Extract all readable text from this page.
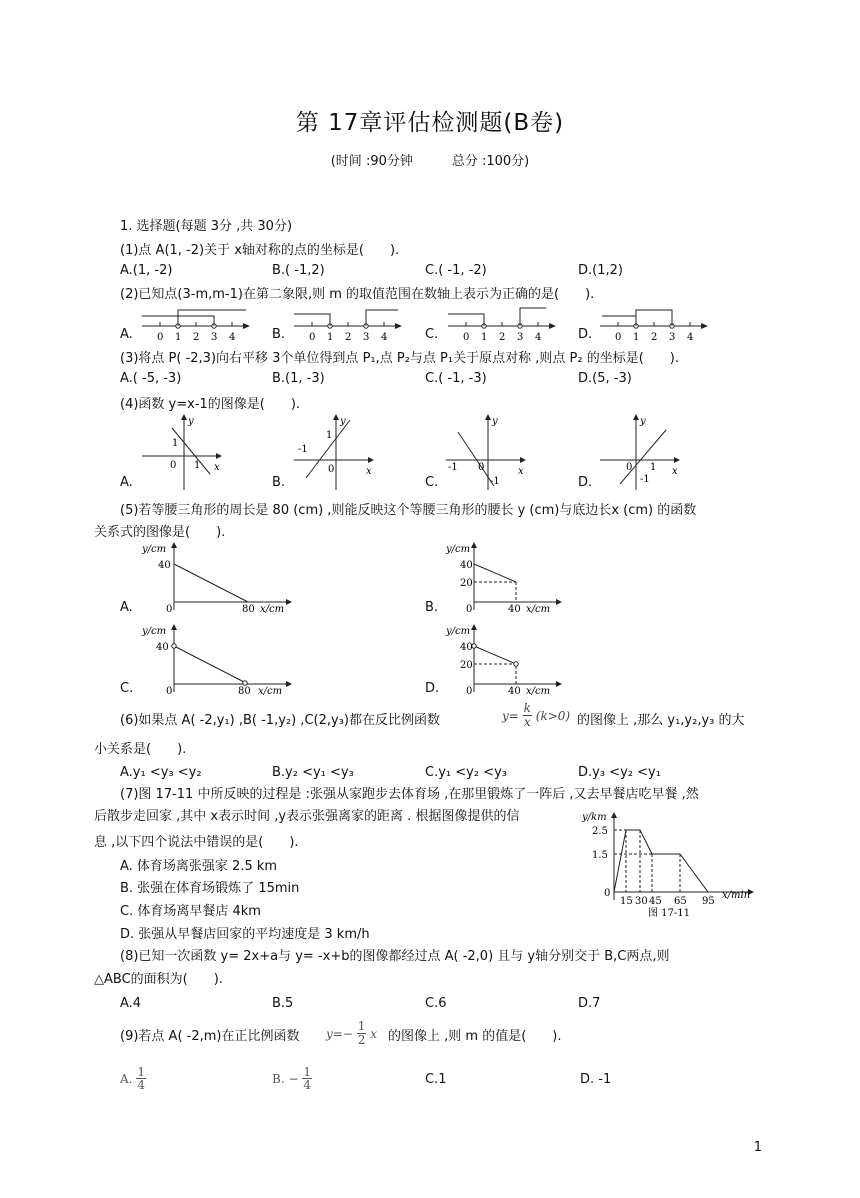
第 17章评估检测题(B卷)
(时间 :90分钟　　　总分 :100分)
1. 选择题(每题 3分 ,共 30分)
(1)点 A(1, -2)关于 x轴对称的点的坐标是(　　).
A.(1, -2)	B.( -1,2)	C.( -1, -2)	D.(1,2)
(2)已知点(3-m,m-1)在第二象限,则 m 的取值范围在数轴上表示为正确的是(　　).
A.	B.	C.	D.
0 1 2 3 4	0 1 2 3 4	0 1 2 3 4	0 1 2 3 4
(3)将点 P( -2,3)向右平移 3个单位得到点 P₁,点 P₂与点 P₁关于原点对称 ,则点 P₂ 的坐标是(　　).
A.( -5, -3)	B.(1, -3)	C.( -1, -3)	D.(5, -3)
(4)函数 y=x-1的图像是(　　).
A.	B.	C.	D.
y
x
0
1
1
y
x
0
-1
1
y
x
0
-1
-1
y
x
0 1
-1
(5)若等腰三角形的周长是 80 (cm) ,则能反映这个等腰三角形的腰长 y (cm)与底边长x (cm) 的函数
关系式的图像是(　　).
A.	B.
C.	D.
y/cm
40
0	80 x/cm
y/cm
40
20
0	40 x/cm
y/cm
40
0	80 x/cm
y/cm
40
20
0	40 x/cm
(6)如果点 A( -2,y₁) ,B( -1,y₂) ,C(2,y₃)都在反比例函数	$y= \frac{k}{x} (k>0)$ 的图像上 ,那么 y₁,y₂,y₃ 的大
小关系是(　　).
A.y₁ <y₃ <y₂	B.y₂ <y₁ <y₃	C.y₁ <y₂ <y₃	D.y₃ <y₂ <y₁
(7)图 17-11 中所反映的过程是 :张强从家跑步去体育场 ,在那里锻炼了一阵后 ,又去早餐店吃早餐 ,然
后散步走回家 ,其中 x表示时间 ,y表示张强离家的距离 . 根据图像提供的信
息 ,以下四个说法中错误的是(　　).
A. 体育场离张强家 2.5 km
B. 张强在体育场锻炼了 15min
C. 体育场离早餐店 4km
D. 张强从早餐店回家的平均速度是 3 km/h
y/km
2.5
1.5
0
15 30 45 65 95
x/min
图 17-11
(8)已知一次函数 y= 2x+a与 y= -x+b的图像都经过点 A( -2,0) 且与 y轴分别交于 B,C两点,则
△ABC的面积为(　　).
A.4	B.5	C.6	D.7
(9)若点 A( -2,m)在正比例函数 $y=- \frac{1}{2}$ x 的图像上 ,则 m 的值是(　　).
A. $\frac{1}{4}$	B. − $\frac{1}{4}$	C.1	D. -1
1
